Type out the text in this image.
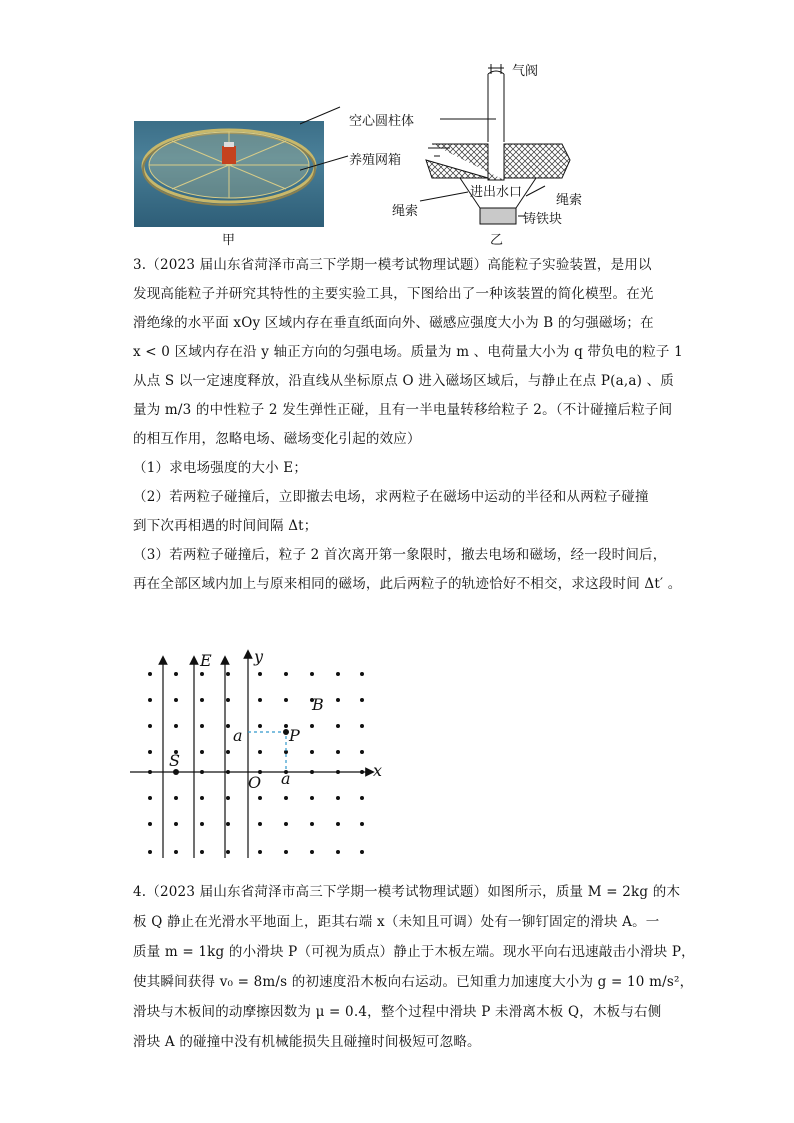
甲
气阀
空心圆柱体
养殖网箱
进出水口
绳索
绳索
铸铁块
乙

3.（2023 届山东省菏泽市高三下学期一模考试物理试题）高能粒子实验装置，是用以

发现高能粒子并研究其特性的主要实验工具，下图给出了一种该装置的简化模型。在光

滑绝缘的水平面 xOy 区域内存在垂直纸面向外、磁感应强度大小为 B 的匀强磁场；在

x < 0 区域内存在沿 y 轴正方向的匀强电场。质量为 m 、电荷量大小为 q 带负电的粒子 1

从点 S 以一定速度释放，沿直线从坐标原点 O 进入磁场区域后，与静止在点 P(a,a) 、质

量为 m/3 的中性粒子 2 发生弹性正碰，且有一半电量转移给粒子 2。（不计碰撞后粒子间

的相互作用，忽略电场、磁场变化引起的效应）

（1）求电场强度的大小 E；

（2）若两粒子碰撞后，立即撤去电场，求两粒子在磁场中运动的半径和从两粒子碰撞

到下次再相遇的时间间隔 Δt；

（3）若两粒子碰撞后，粒子 2 首次离开第一象限时，撤去电场和磁场，经一段时间后，

再在全部区域内加上与原来相同的磁场，此后两粒子的轨迹恰好不相交，求这段时间 Δt′ 。

E	y
B
a	P
S
x
O a

4.（2023 届山东省菏泽市高三下学期一模考试物理试题）如图所示，质量 M = 2kg 的木

板 Q 静止在光滑水平地面上，距其右端 x（未知且可调）处有一铆钉固定的滑块 A。一

质量 m = 1kg 的小滑块 P（可视为质点）静止于木板左端。现水平向右迅速敲击小滑块 P，

使其瞬间获得 v₀ = 8m/s 的初速度沿木板向右运动。已知重力加速度大小为 g = 10 m/s²，

滑块与木板间的动摩擦因数为 μ = 0.4，整个过程中滑块 P 未滑离木板 Q，木板与右侧

滑块 A 的碰撞中没有机械能损失且碰撞时间极短可忽略。
